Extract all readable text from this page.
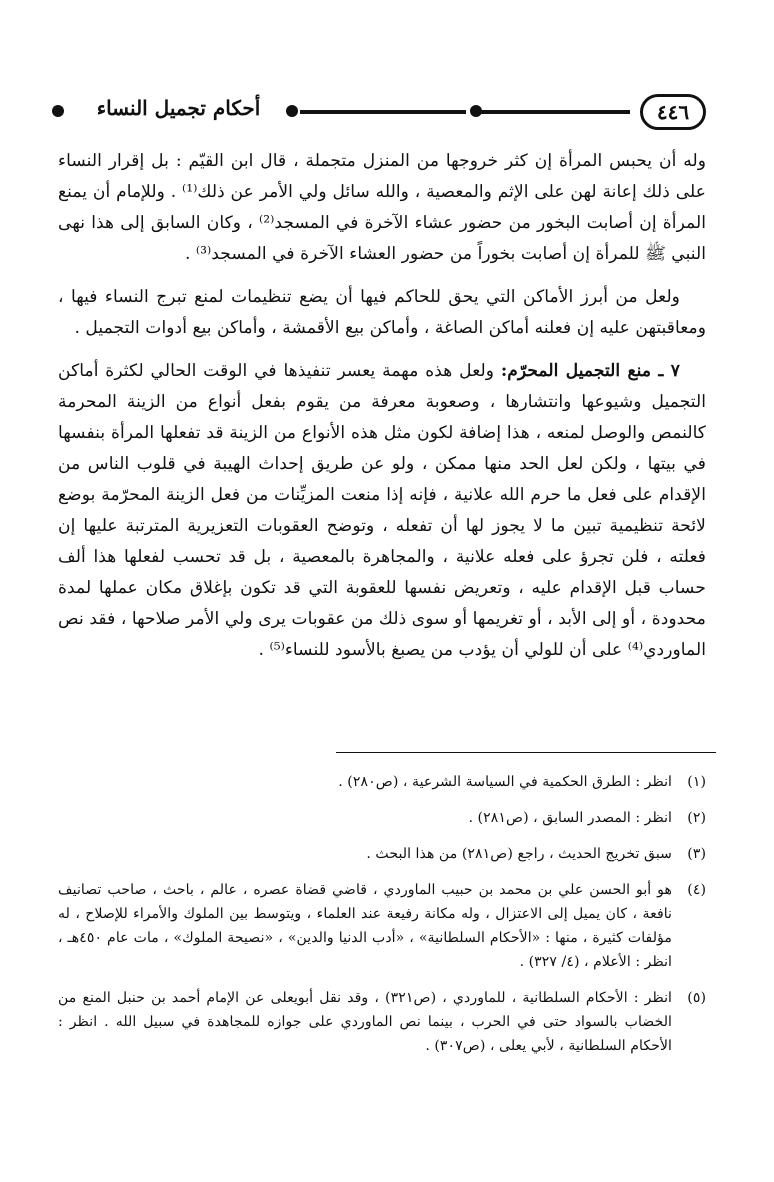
٤٤٦
أحكام تجميل النساء

وله أن يحبس المرأة إن كثر خروجها من المنزل متجملة ، قال ابن القيّم : بل إقرار النساء على ذلك إعانة لهن على الإثم والمعصية ، والله سائل ولي الأمر عن ذلك⁽¹⁾ . وللإمام أن يمنع المرأة إن أصابت البخور من حضور عشاء الآخرة في المسجد⁽²⁾ ، وكان السابق إلى هذا نهى النبي ﷺ للمرأة إن أصابت بخوراً من حضور العشاء الآخرة في المسجد⁽³⁾ .

ولعل من أبرز الأماكن التي يحق للحاكم فيها أن يضع تنظيمات لمنع تبرج النساء فيها ، ومعاقبتهن عليه إن فعلنه أماكن الصاغة ، وأماكن بيع الأقمشة ، وأماكن بيع أدوات التجميل .

٧ ـ منع التجميل المحرّم: ولعل هذه مهمة يعسر تنفيذها في الوقت الحالي لكثرة أماكن التجميل وشيوعها وانتشارها ، وصعوبة معرفة من يقوم بفعل أنواع من الزينة المحرمة كالنمص والوصل لمنعه ، هذا إضافة لكون مثل هذه الأنواع من الزينة قد تفعلها المرأة بنفسها في بيتها ، ولكن لعل الحد منها ممكن ، ولو عن طريق إحداث الهيبة في قلوب الناس من الإقدام على فعل ما حرم الله علانية ، فإنه إذا منعت المزيِّنات من فعل الزينة المحرّمة بوضع لائحة تنظيمية تبين ما لا يجوز لها أن تفعله ، وتوضح العقوبات التعزيرية المترتبة عليها إن فعلته ، فلن تجرؤ على فعله علانية ، والمجاهرة بالمعصية ، بل قد تحسب لفعلها هذا ألف حساب قبل الإقدام عليه ، وتعريض نفسها للعقوبة التي قد تكون بإغلاق مكان عملها لمدة محدودة ، أو إلى الأبد ، أو تغريمها أو سوى ذلك من عقوبات يرى ولي الأمر صلاحها ، فقد نص الماوردي⁽⁴⁾ على أن للولي أن يؤدب من يصبغ بالأسود للنساء⁽⁵⁾ .

(١)
انظر : الطرق الحكمية في السياسة الشرعية ، (ص٢٨٠) .
(٢)
انظر : المصدر السابق ، (ص٢٨١) .
(٣)
سبق تخريج الحديث ، راجع (ص٢٨١) من هذا البحث .
(٤)
هو أبو الحسن علي بن محمد بن حبيب الماوردي ، قاضي قضاة عصره ، عالم ، باحث ، صاحب تصانيف نافعة ، كان يميل إلى الاعتزال ، وله مكانة رفيعة عند العلماء ، ويتوسط بين الملوك والأمراء للإصلاح ، له مؤلفات كثيرة ، منها : «الأحكام السلطانية» ، «أدب الدنيا والدين» ، «نصيحة الملوك» ، مات عام ٤٥٠هـ ، انظر : الأعلام ، (٤/ ٣٢٧) .
(٥)
انظر : الأحكام السلطانية ، للماوردي ، (ص٣٢١) ، وقد نقل أبويعلى عن الإمام أحمد بن حنبل المنع من الخضاب بالسواد حتى في الحرب ، بينما نص الماوردي على جوازه للمجاهدة في سبيل الله . انظر : الأحكام السلطانية ، لأبي يعلى ، (ص٣٠٧) .
